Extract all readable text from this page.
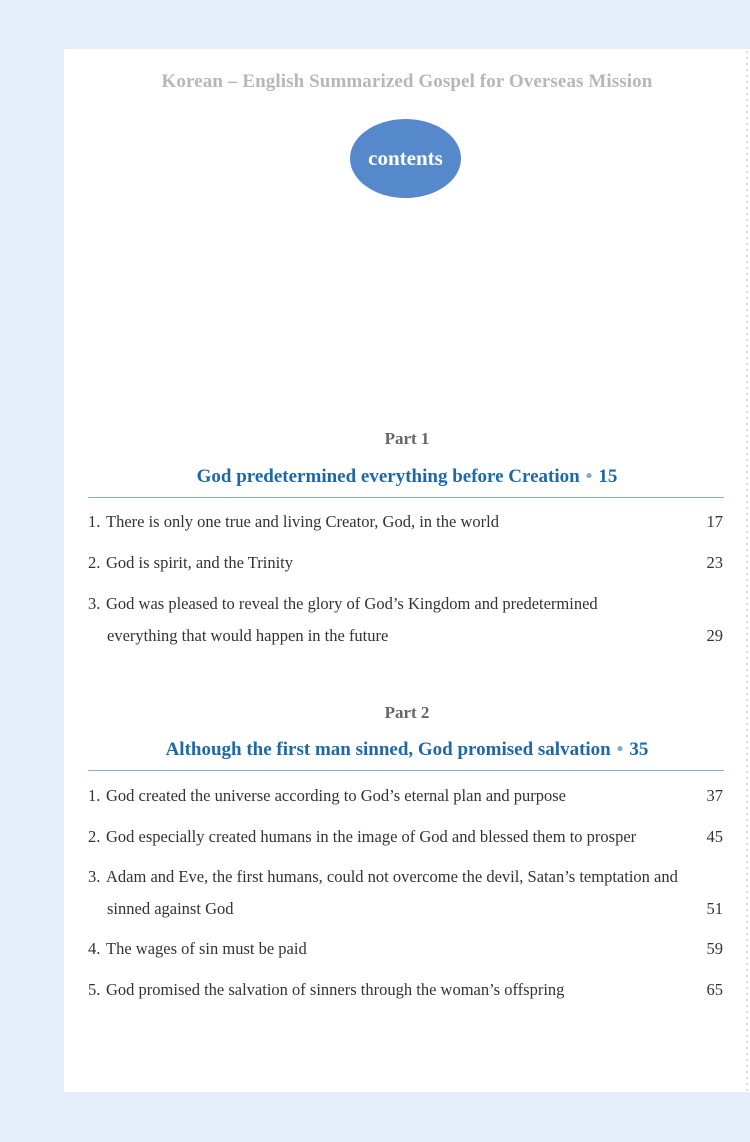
Korean – English Summarized Gospel for Overseas Mission
contents
Part 1
God predetermined everything before Creation • 15
1. There is only one true and living Creator, God, in the world	17
2. God is spirit, and the Trinity	23
3. God was pleased to reveal the glory of God’s Kingdom and predetermined
everything that would happen in the future	29
Part 2
Although the first man sinned, God promised salvation • 35
1. God created the universe according to God’s eternal plan and purpose	37
2. God especially created humans in the image of God and blessed them to prosper	45
3. Adam and Eve, the first humans, could not overcome the devil, Satan’s temptation and
sinned against God	51
4. The wages of sin must be paid	59
5. God promised the salvation of sinners through the woman’s offspring	65
